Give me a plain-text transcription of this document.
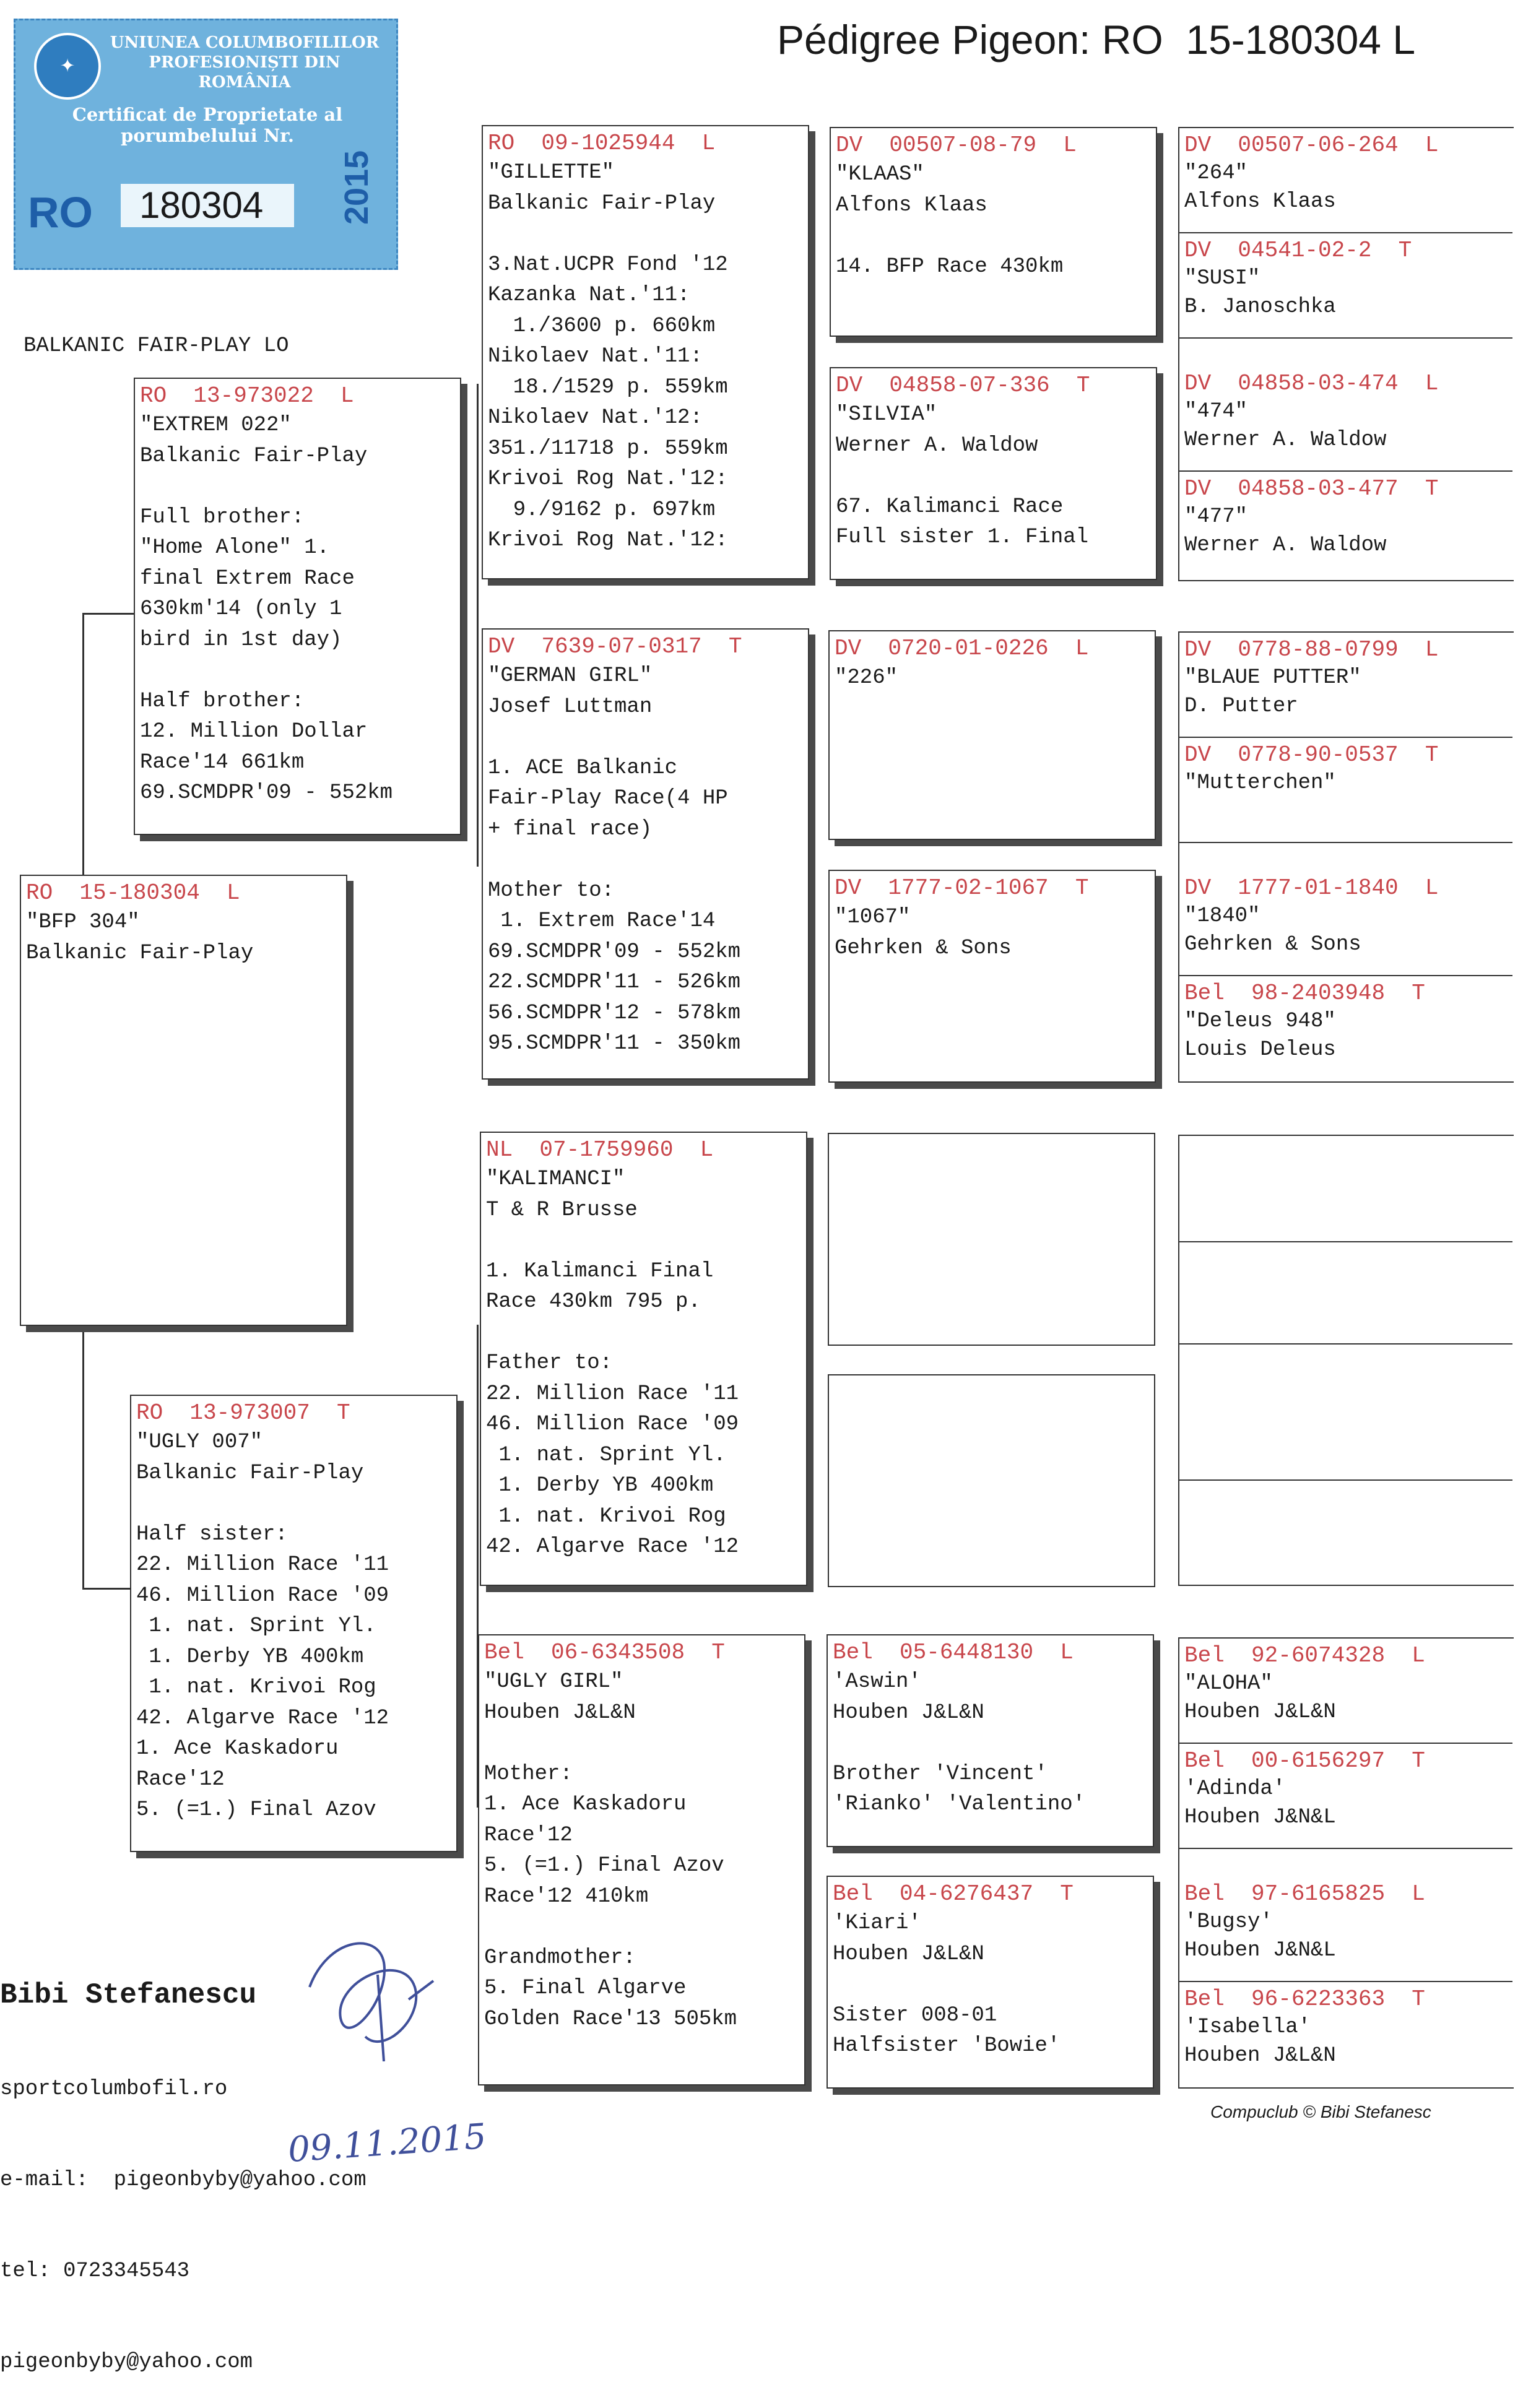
✦
UNIUNEA COLUMBOFILILOR
PROFESIONIȘTI DIN ROMÂNIA
Certificat de Proprietate al porumbelului Nr.
RO	180304	2015
Pédigree Pigeon: RO  15-180304 L
BALKANIC FAIR-PLAY LO
RO  15-180304  L
"BFP 304"
Balkanic Fair-Play
RO  13-973022  L
"EXTREM 022"
Balkanic Fair-Play

Full brother:
"Home Alone" 1.
final Extrem Race
630km'14 (only 1
bird in 1st day)

Half brother:
12. Million Dollar
Race'14 661km
69.SCMDPR'09 - 552km
RO  13-973007  T
"UGLY 007"
Balkanic Fair-Play

Half sister:
22. Million Race '11
46. Million Race '09
1. nat. Sprint Yl.
1. Derby YB 400km
1. nat. Krivoi Rog
42. Algarve Race '12
1. Ace Kaskadoru
Race'12
5. (=1.) Final Azov
RO  09-1025944  L
"GILLETTE"
Balkanic Fair-Play

3.Nat.UCPR Fond '12
Kazanka Nat.'11:
1./3600 p. 660km
Nikolaev Nat.'11:
18./1529 p. 559km
Nikolaev Nat.'12:
351./11718 p. 559km
Krivoi Rog Nat.'12:
9./9162 p. 697km
Krivoi Rog Nat.'12:
DV  7639-07-0317  T
"GERMAN GIRL"
Josef Luttman

1. ACE Balkanic
Fair-Play Race(4 HP
+ final race)

Mother to:
1. Extrem Race'14
69.SCMDPR'09 - 552km
22.SCMDPR'11 - 526km
56.SCMDPR'12 - 578km
95.SCMDPR'11 - 350km
NL  07-1759960  L
"KALIMANCI"
T & R Brusse

1. Kalimanci Final
Race 430km 795 p.

Father to:
22. Million Race '11
46. Million Race '09
1. nat. Sprint Yl.
1. Derby YB 400km
1. nat. Krivoi Rog
42. Algarve Race '12
Bel  06-6343508  T
"UGLY GIRL"
Houben J&L&N

Mother:
1. Ace Kaskadoru
Race'12
5. (=1.) Final Azov
Race'12 410km

Grandmother:
5. Final Algarve
Golden Race'13 505km
DV  00507-08-79  L
"KLAAS"
Alfons Klaas

14. BFP Race 430km
DV  04858-07-336  T
"SILVIA"
Werner A. Waldow

67. Kalimanci Race
Full sister 1. Final
DV  0720-01-0226  L
"226"
DV  1777-02-1067  T
"1067"
Gehrken & Sons
Bel  05-6448130  L
'Aswin'
Houben J&L&N

Brother 'Vincent'
'Rianko' 'Valentino'
Bel  04-6276437  T
'Kiari'
Houben J&L&N

Sister 008-01
Halfsister 'Bowie'
DV  00507-06-264  L
"264"
Alfons Klaas
DV  04541-02-2  T
"SUSI"
B. Janoschka
DV  04858-03-474  L
"474"
Werner A. Waldow
DV  04858-03-477  T
"477"
Werner A. Waldow
DV  0778-88-0799  L
"BLAUE PUTTER"
D. Putter
DV  0778-90-0537  T
"Mutterchen"
DV  1777-01-1840  L
"1840"
Gehrken & Sons
Bel  98-2403948  T
"Deleus 948"
Louis Deleus
Bel  92-6074328  L
"ALOHA"
Houben J&L&N
Bel  00-6156297  T
'Adinda'
Houben J&N&L
Bel  97-6165825  L
'Bugsy'
Houben J&N&L
Bel  96-6223363  T
'Isabella'
Houben J&L&N

Bibi Stefanescu

sportcolumbofil.ro

e-mail:  pigeonbyby@yahoo.com

tel: 0723345543

pigeonbyby@yahoo.com

Compuclub © Bibi Stefanesc
09.11.2015
